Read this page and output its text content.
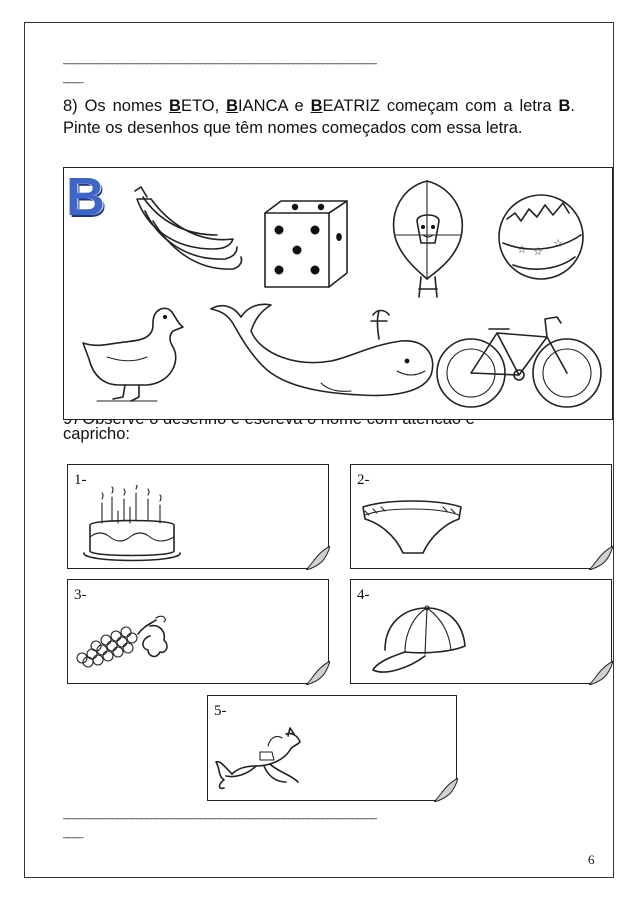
________________________________________________________________
____
8) Os nomes BETO, BIANCA e BEATRIZ começam com a letra B. Pinte os desenhos que têm nomes começados com essa letra.
capricho:
B
☆
☆
☆
1-	2-
3-	4-
5-
________________________________________________________________
____
6
